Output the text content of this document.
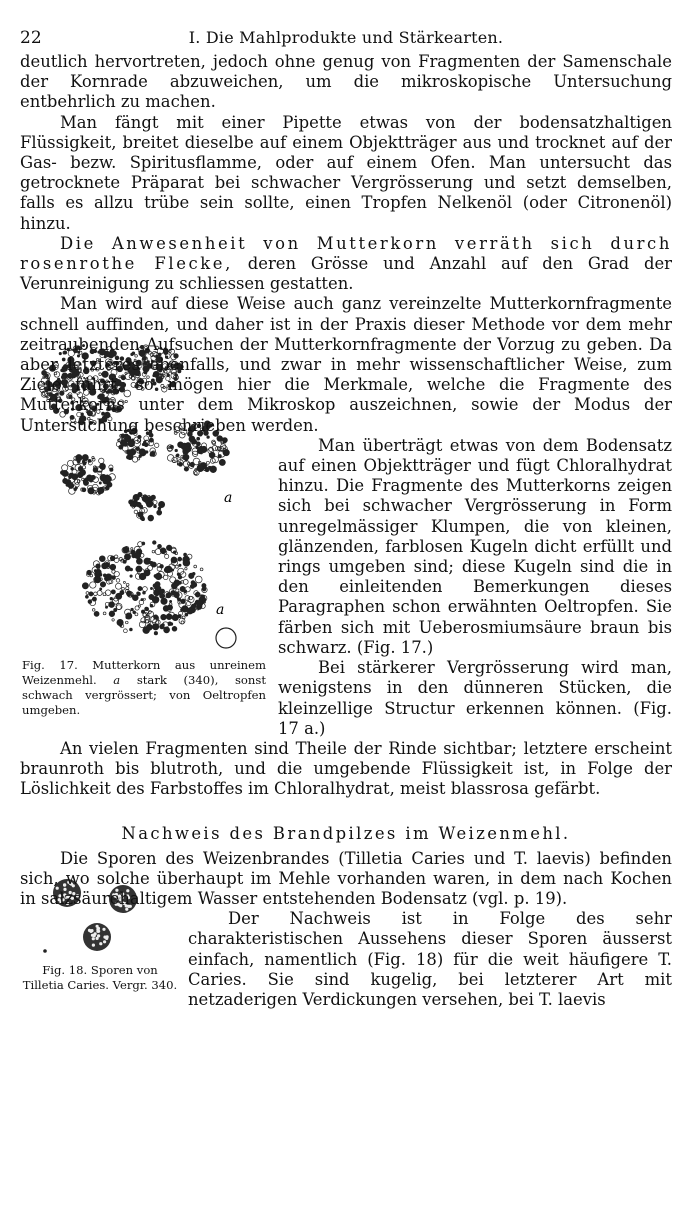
22	I. Die Mahlprodukte und Stärkearten.

deutlich hervortreten, jedoch ohne genug von Fragmenten der Samenschale der Kornrade abzuweichen, um die mikroskopische Untersuchung entbehrlich zu machen.

Man fängt mit einer Pipette etwas von der bodensatzhaltigen Flüssigkeit, breitet dieselbe auf einem Objektträger aus und trocknet auf der Gas- bezw. Spiritusflamme, oder auf einem Ofen. Man untersucht das getrocknete Präparat bei schwacher Vergrösserung und setzt demselben, falls es allzu trübe sein sollte, einen Tropfen Nelkenöl (oder Citronenöl) hinzu.

Die Anwesenheit von Mutterkorn verräth sich durch rosenrothe Flecke, deren Grösse und Anzahl auf den Grad der Verunreinigung zu schliessen gestatten.

Man wird auf diese Weise auch ganz vereinzelte Mutterkornfragmente schnell auffinden, und daher ist in der Praxis dieser Methode vor dem mehr zeitraubenden Aufsuchen der Mutterkornfragmente der Vorzug zu geben. Da aber letzteres ebenfalls, und zwar in mehr wissenschaftlicher Weise, zum Ziele führt, so mögen hier die Merkmale, welche die Fragmente des Mutterkorns unter dem Mikroskop auszeichnen, sowie der Modus der Untersuchung beschrieben werden.

a
a
Fig. 17. Mutterkorn aus unreinem Weizenmehl. a stark (340), sonst schwach vergrössert; von Oeltropfen umgeben.

Man überträgt etwas von dem Bodensatz auf einen Objektträger und fügt Chloralhydrat hinzu. Die Fragmente des Mutterkorns zeigen sich bei schwacher Vergrösserung in Form unregelmässiger Klumpen, die von kleinen, glänzenden, farblosen Kugeln dicht erfüllt und rings umgeben sind; diese Kugeln sind die in den einleitenden Bemerkungen dieses Paragraphen schon erwähnten Oeltropfen. Sie färben sich mit Ueberosmiumsäure braun bis schwarz. (Fig. 17.)

Bei stärkerer Vergrösserung wird man, wenigstens in den dünneren Stücken, die kleinzellige Structur erkennen können. (Fig. 17 a.)

An vielen Fragmenten sind Theile der Rinde sichtbar; letztere erscheint braunroth bis blutroth, und die umgebende Flüssigkeit ist, in Folge der Löslichkeit des Farbstoffes im Chloralhydrat, meist blassrosa gefärbt.

Nachweis des Brandpilzes im Weizenmehl.

Die Sporen des Weizenbrandes (Tilletia Caries und T. laevis) befinden sich, wo solche überhaupt im Mehle vorhanden waren, in dem nach Kochen in salzsäurehaltigem Wasser entstehenden Bodensatz (vgl. p. 19).

Fig. 18. Sporen von Tilletia Caries. Vergr. 340.

Der Nachweis ist in Folge des sehr charakteristischen Aussehens dieser Sporen äusserst einfach, namentlich (Fig. 18) für die weit häufigere T. Caries. Sie sind kugelig, bei letzterer Art mit netzaderigen Verdickungen versehen, bei T. laevis
